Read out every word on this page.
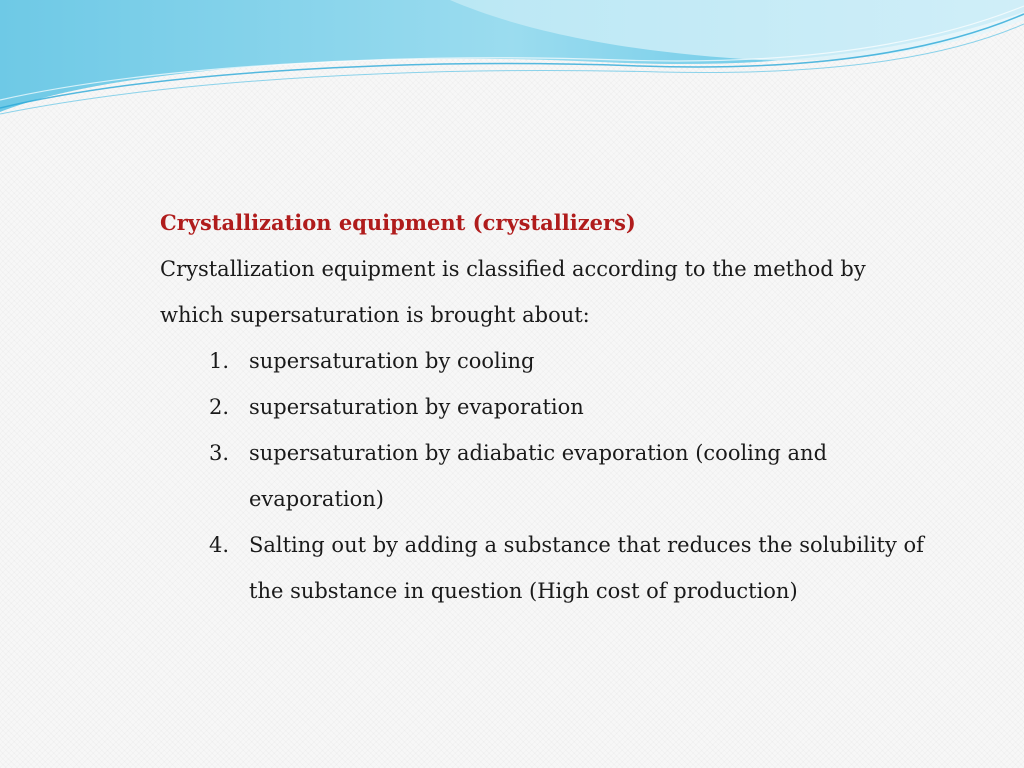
Crystallization equipment (crystallizers)

Crystallization equipment is classified according to the method by which supersaturation is brought about:

1. supersaturation by cooling
2. supersaturation by evaporation
3. supersaturation by adiabatic evaporation (cooling and evaporation)
4. Salting out by adding a substance that reduces the solubility of the substance in question (High cost of production)
